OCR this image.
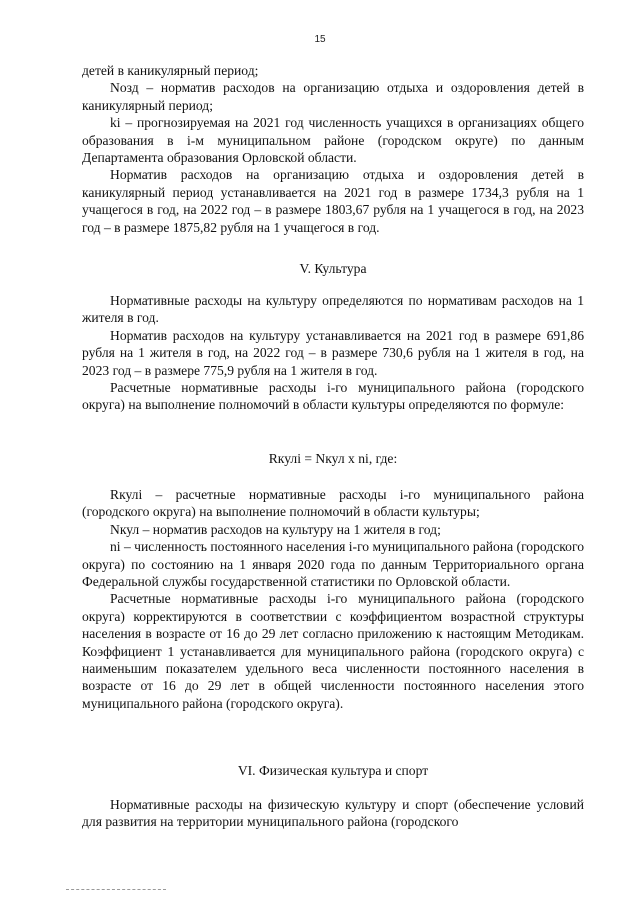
15

детей в каникулярный период;

Nозд – норматив расходов на организацию отдыха и оздоровления детей в каникулярный период;

ki – прогнозируемая на 2021 год численность учащихся в организациях общего образования в i-м муниципальном районе (городском округе) по данным Департамента образования Орловской области.

Норматив расходов на организацию отдыха и оздоровления детей в каникулярный период устанавливается на 2021 год в размере 1734,3 рубля на 1 учащегося в год, на 2022 год – в размере 1803,67 рубля на 1 учащегося в год, на 2023 год – в размере 1875,82 рубля на 1 учащегося в год.

V. Культура

Нормативные расходы на культуру определяются по нормативам расходов на 1 жителя в год.

Норматив расходов на культуру устанавливается на 2021 год в размере 691,86 рубля на 1 жителя в год, на 2022 год – в размере 730,6 рубля на 1 жителя в год, на 2023 год – в размере 775,9 рубля на 1 жителя в год.

Расчетные нормативные расходы i-го муниципального района (городского округа) на выполнение полномочий в области культуры определяются по формуле:

Rкулi = Nкул x ni, где:

Rкулi – расчетные нормативные расходы i-го муниципального района (городского округа) на выполнение полномочий в области культуры;

Nкул – норматив расходов на культуру на 1 жителя в год;

ni – численность постоянного населения i-го муниципального района (городского округа) по состоянию на 1 января 2020 года по данным Территориального органа Федеральной службы государственной статистики по Орловской области.

Расчетные нормативные расходы i-го муниципального района (городского округа) корректируются в соответствии с коэффициентом возрастной структуры населения в возрасте от 16 до 29 лет согласно приложению к настоящим Методикам. Коэффициент 1 устанавливается для муниципального района (городского округа) с наименьшим показателем удельного веса численности постоянного населения в возрасте от 16 до 29 лет в общей численности постоянного населения этого муниципального района (городского округа).

VI. Физическая культура и спорт

Нормативные расходы на физическую культуру и спорт (обеспечение условий для развития на территории муниципального района (городского
